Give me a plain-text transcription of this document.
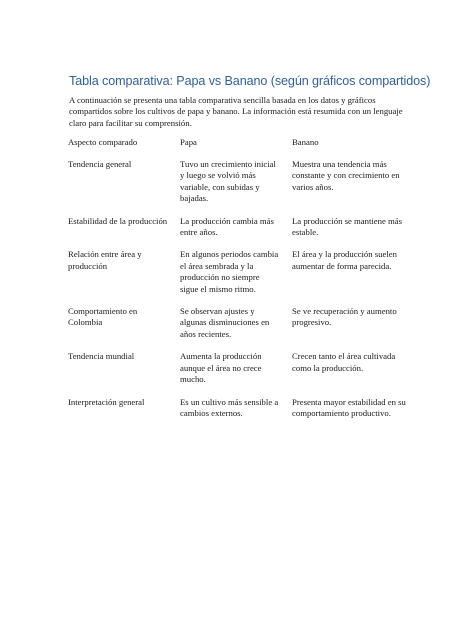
Tabla comparativa: Papa vs Banano (según gráficos compartidos)

A continuación se presenta una tabla comparativa sencilla basada en los datos y gráficos compartidos sobre los cultivos de papa y banano. La información está resumida con un lenguaje claro para facilitar su comprensión.

Aspecto comparado	Papa	Banano
Tendencia general	Tuvo un crecimiento inicial y luego se volvió más variable, con subidas y bajadas.	Muestra una tendencia más constante y con crecimiento en varios años.
Estabilidad de la producción	La producción cambia más entre años.	La producción se mantiene más estable.
Relación entre área y producción	En algunos periodos cambia el área sembrada y la producción no siempre sigue el mismo ritmo.	El área y la producción suelen aumentar de forma parecida.
Comportamiento en Colombia	Se observan ajustes y algunas disminuciones en años recientes.	Se ve recuperación y aumento progresivo.
Tendencia mundial	Aumenta la producción aunque el área no crece mucho.	Crecen tanto el área cultivada como la producción.
Interpretación general	Es un cultivo más sensible a cambios externos.	Presenta mayor estabilidad en su comportamiento productivo.
